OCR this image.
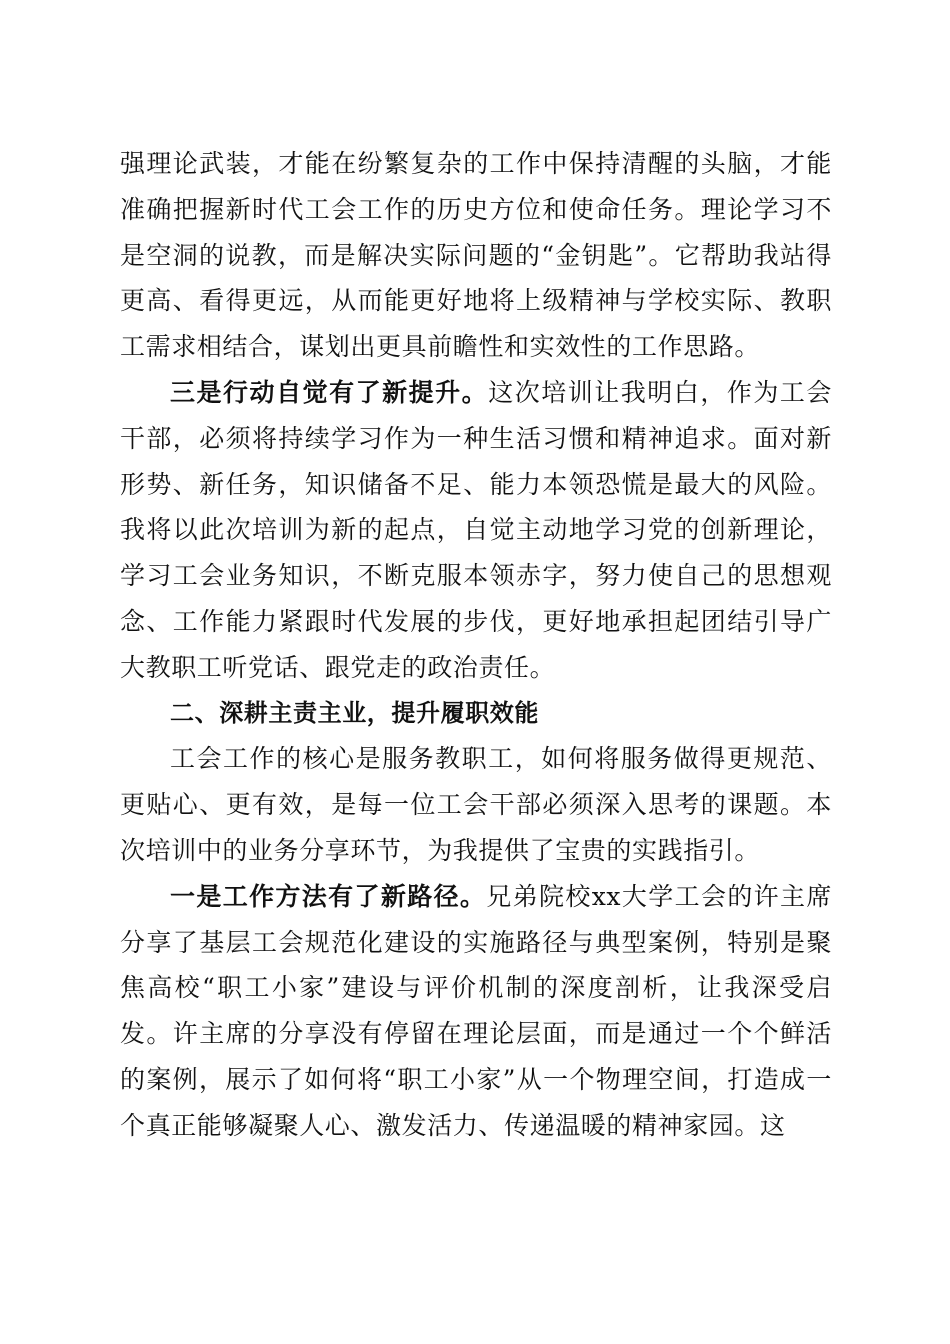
强理论武装，才能在纷繁复杂的工作中保持清醒的头脑，才能准确把握新时代工会工作的历史方位和使命任务。理论学习不是空洞的说教，而是解决实际问题的“金钥匙”。它帮助我站得更高、看得更远，从而能更好地将上级精神与学校实际、教职工需求相结合，谋划出更具前瞻性和实效性的工作思路。

三是行动自觉有了新提升。这次培训让我明白，作为工会干部，必须将持续学习作为一种生活习惯和精神追求。面对新形势、新任务，知识储备不足、能力本领恐慌是最大的风险。我将以此次培训为新的起点，自觉主动地学习党的创新理论，学习工会业务知识，不断克服本领赤字，努力使自己的思想观念、工作能力紧跟时代发展的步伐，更好地承担起团结引导广大教职工听党话、跟党走的政治责任。

二、深耕主责主业，提升履职效能

工会工作的核心是服务教职工，如何将服务做得更规范、更贴心、更有效，是每一位工会干部必须深入思考的课题。本次培训中的业务分享环节，为我提供了宝贵的实践指引。

一是工作方法有了新路径。兄弟院校xx大学工会的许主席分享了基层工会规范化建设的实施路径与典型案例，特别是聚焦高校“职工小家”建设与评价机制的深度剖析，让我深受启发。许主席的分享没有停留在理论层面，而是通过一个个鲜活的案例，展示了如何将“职工小家”从一个物理空间，打造成一个真正能够凝聚人心、激发活力、传递温暖的精神家园。这
